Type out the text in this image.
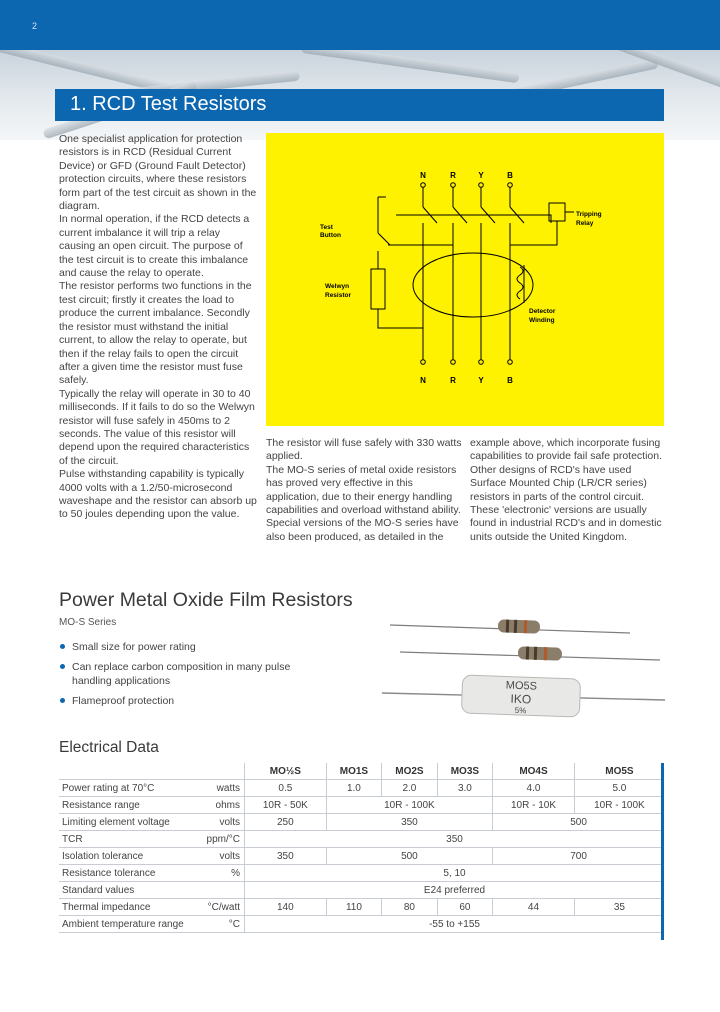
2
1. RCD Test Resistors

One specialist application for protection resistors is in RCD (Residual Current Device) or GFD (Ground Fault Detector) protection circuits, where these resistors form part of the test circuit as shown in the diagram.

In normal operation, if the RCD detects a current imbalance it will trip a relay causing an open circuit. The purpose of the test circuit is to create this imbalance and cause the relay to operate.

The resistor performs two functions in the test circuit; firstly it creates the load to produce the current imbalance. Secondly the resistor must withstand the initial current, to allow the relay to operate, but then if the relay fails to open the circuit after a given time the resistor must fuse safely.

Typically the relay will operate in 30 to 40 milliseconds. If it fails to do so the Welwyn resistor will fuse safely in 450ms to 2 seconds. The value of this resistor will depend upon the required characteristics of the circuit.

Pulse withstanding capability is typically 4000 volts with a 1.2/50-microsecond waveshape and the resistor can absorb up to 50 joules depending upon the value.

N	R	Y	B
N	R	Y	B
Test
Button
Tripping
Relay
Welwyn
Resistor
Detector
Winding

The resistor will fuse safely with 330 watts applied.

The MO-S series of metal oxide resistors has proved very effective in this application, due to their energy handling capabilities and overload withstand ability. Special versions of the MO-S series have also been produced, as detailed in the

example above, which incorporate fusing capabilities to provide fail safe protection.

Other designs of RCD's have used Surface Mounted Chip (LR/CR series) resistors in parts of the control circuit.

These 'electronic' versions are usually found in industrial RCD's and in domestic units outside the United Kingdom.

Power Metal Oxide Film Resistors
MO-S Series
Small size for power rating
Can replace carbon composition in many pulse handling applications
Flameproof protection
MO5S
IKO
5%
Electrical Data
		MO½S	MO1S	MO2S	MO3S	MO4S	MO5S
Power rating at 70°C	watts	0.5	1.0	2.0	3.0	4.0	5.0
Resistance range	ohms	10R - 50K	10R - 100K			10R - 10K	10R - 100K
Limiting element voltage	volts	250	350			500	
TCR	ppm/°C	350					
Isolation tolerance	volts	350	500			700	
Resistance tolerance	%	5, 10					
Standard values		E24 preferred					
Thermal impedance	°C/watt	140	110	80	60	44	35
Ambient temperature range	°C	-55 to +155					
